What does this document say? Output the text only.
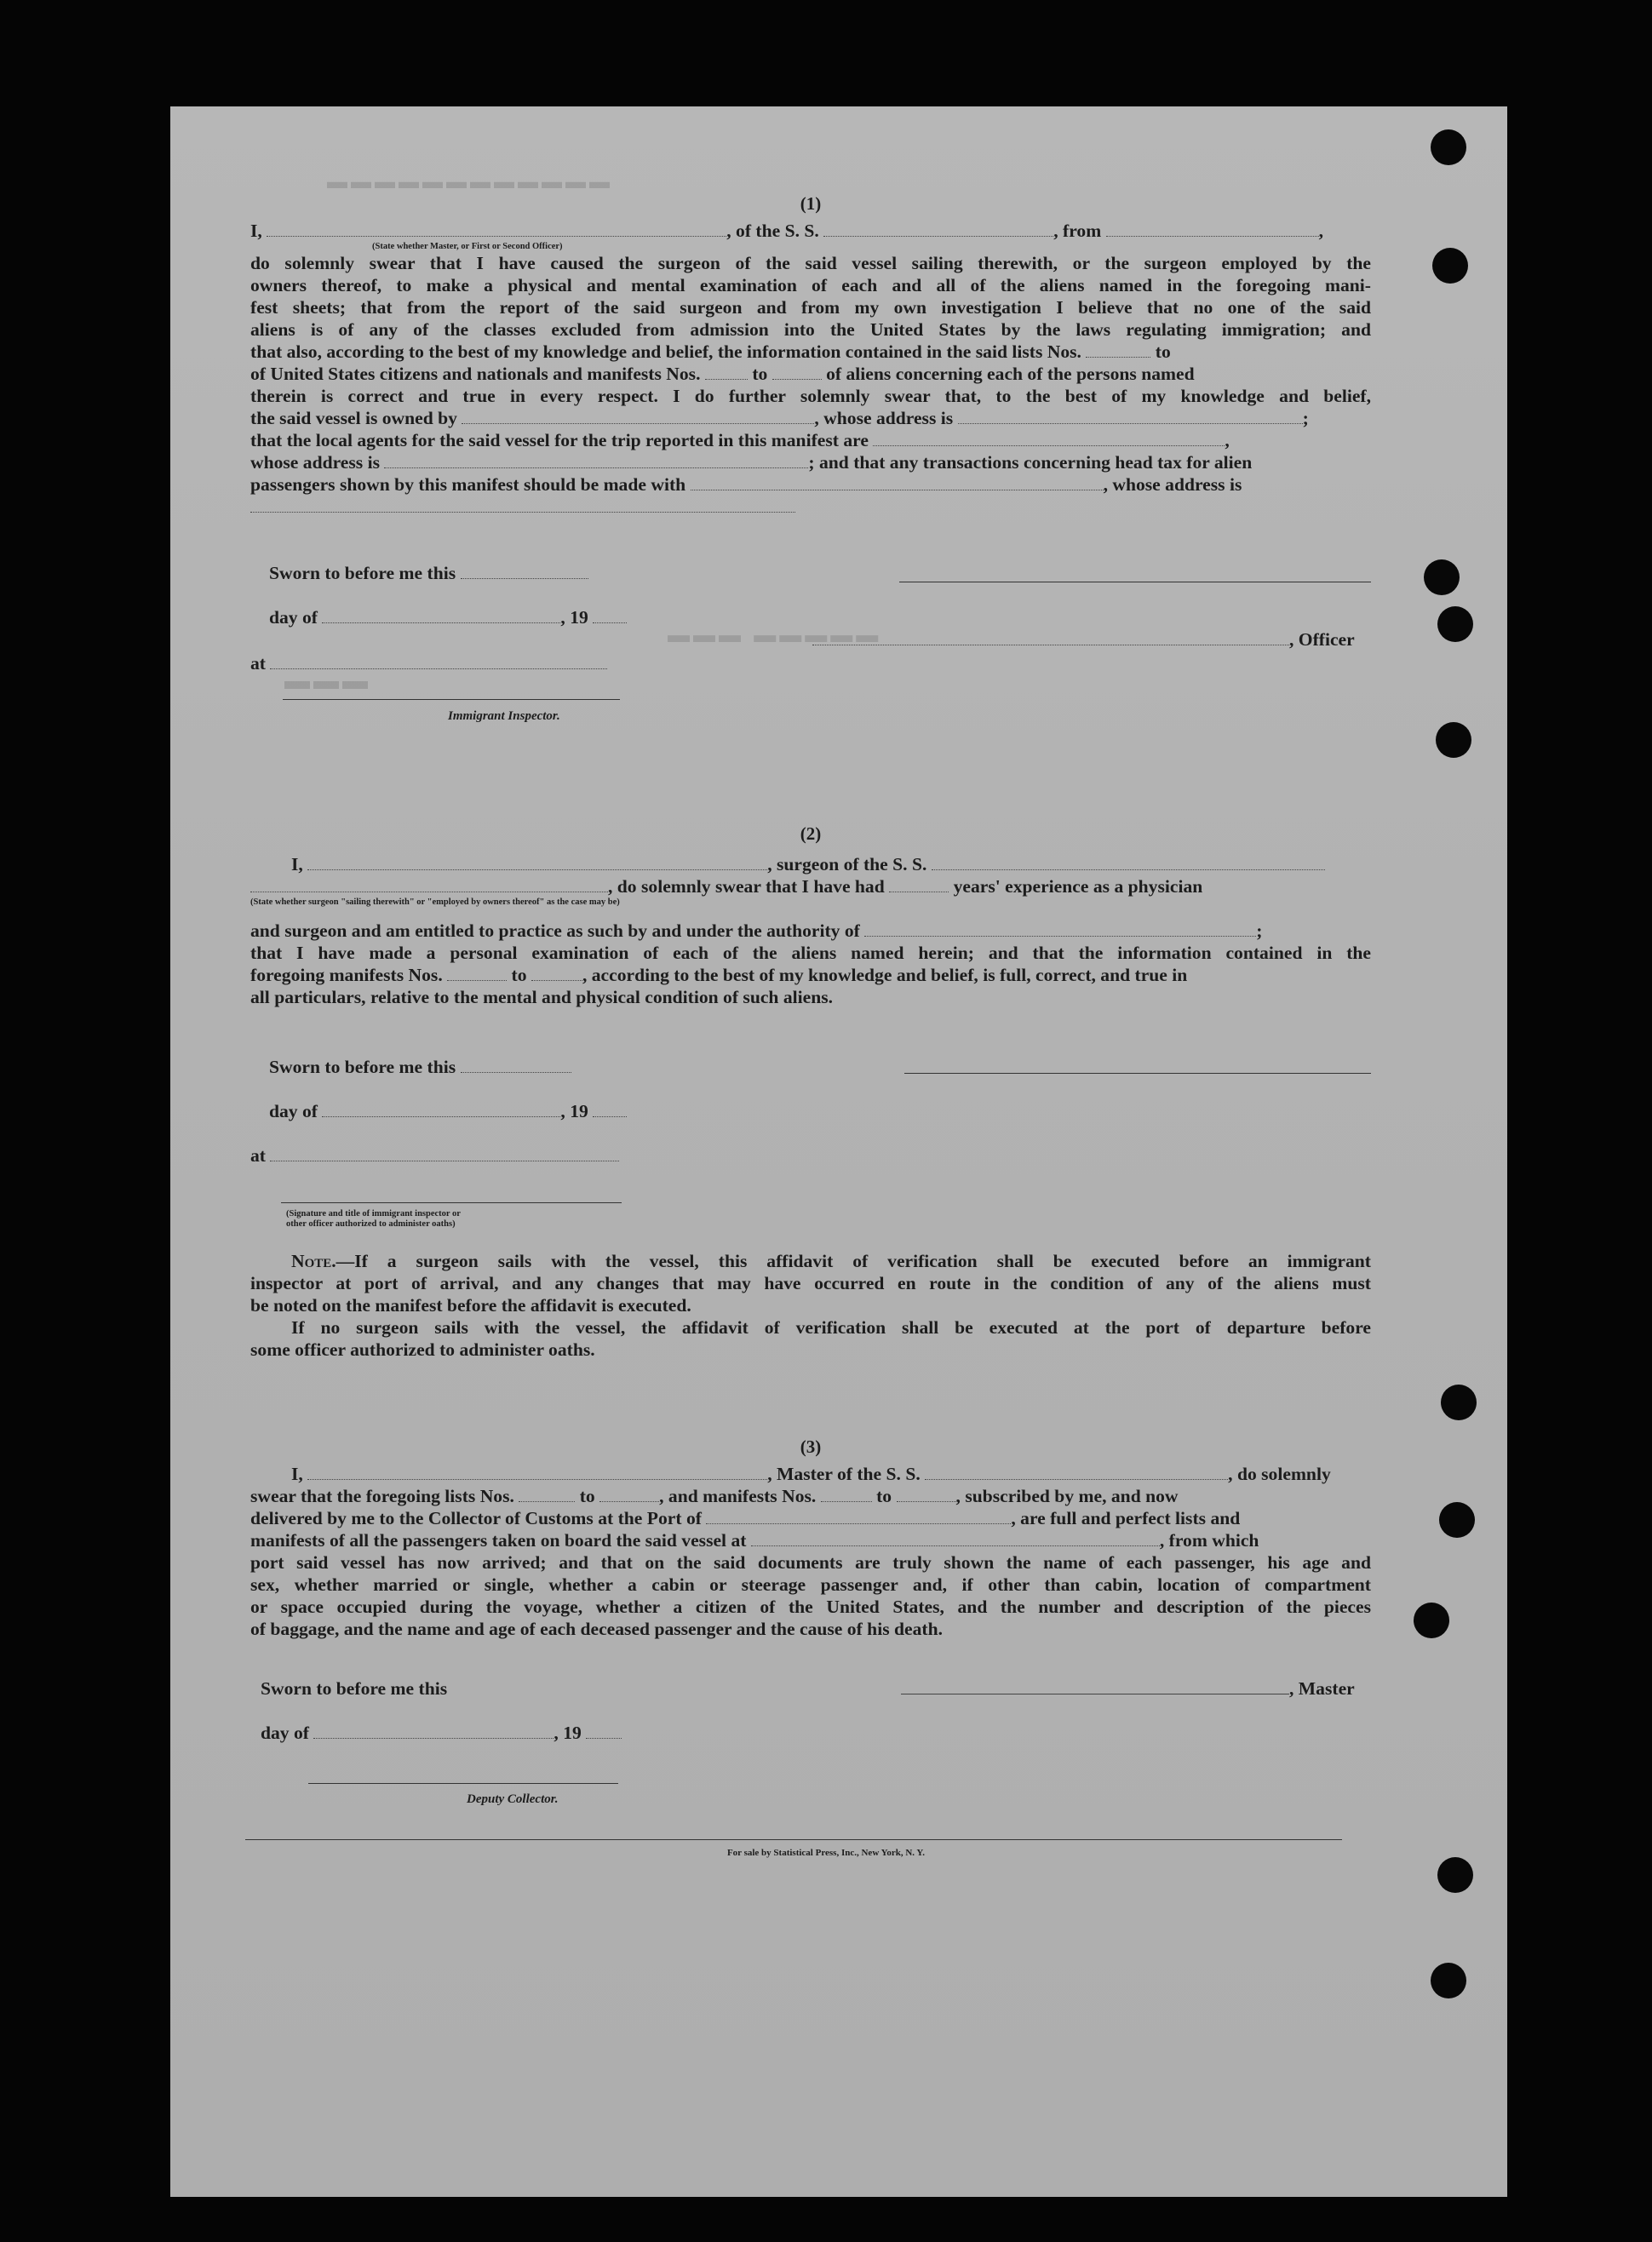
▬▬▬▬▬▬▬▬▬▬▬▬
▬▬▬▬▬ ▬▬▬
▬▬▬
(1)
I,	, of the S. S.	, from	,
(State whether Master, or First or Second Officer)
do solemnly swear that I have caused the surgeon of the said vessel sailing therewith, or the surgeon employed by the
owners thereof, to make a physical and mental examination of each and all of the aliens named in the foregoing mani-
fest sheets; that from the report of the said surgeon and from my own investigation I believe that no one of the said
aliens is of any of the classes excluded from admission into the United States by the laws regulating immigration; and
that also, according to the best of my knowledge and belief, the information contained in the said lists Nos.	to
of United States citizens and nationals and manifests Nos.	to	of aliens concerning each of the persons named
therein is correct and true in every respect. I do further solemnly swear that, to the best of my knowledge and belief,
the said vessel is owned by	, whose address is	;
that the local agents for the said vessel for the trip reported in this manifest are	,
whose address is	; and that any transactions concerning head tax for alien
passengers shown by this manifest should be made with	, whose address is
Sworn to before me this
day of	, 19
, Officer
at
Immigrant Inspector.
(2)
I,	, surgeon of the S. S.
, do solemnly swear that I have had	years' experience as a physician
(State whether surgeon "sailing therewith" or "employed by owners thereof" as the case may be)
and surgeon and am entitled to practice as such by and under the authority of	;
that I have made a personal examination of each of the aliens named herein; and that the information contained in the
foregoing manifests Nos.	to	, according to the best of my knowledge and belief, is full, correct, and true in
all particulars, relative to the mental and physical condition of such aliens.
Sworn to before me this
day of	, 19
at
(Signature and title of immigrant inspector or
other officer authorized to administer oaths)
Note.—If a surgeon sails with the vessel, this affidavit of verification shall be executed before an immigrant
inspector at port of arrival, and any changes that may have occurred en route in the condition of any of the aliens must
be noted on the manifest before the affidavit is executed.
If no surgeon sails with the vessel, the affidavit of verification shall be executed at the port of departure before
some officer authorized to administer oaths.
(3)
I,	, Master of the S. S.	, do solemnly
swear that the foregoing lists Nos.	to	, and manifests Nos.	to	, subscribed by me, and now
delivered by me to the Collector of Customs at the Port of	, are full and perfect lists and
manifests of all the passengers taken on board the said vessel at	, from which
port said vessel has now arrived; and that on the said documents are truly shown the name of each passenger, his age and
sex, whether married or single, whether a cabin or steerage passenger and, if other than cabin, location of compartment
or space occupied during the voyage, whether a citizen of the United States, and the number and description of the pieces
of baggage, and the name and age of each deceased passenger and the cause of his death.
Sworn to before me this	, Master
day of	, 19
Deputy Collector.
For sale by Statistical Press, Inc., New York, N. Y.
